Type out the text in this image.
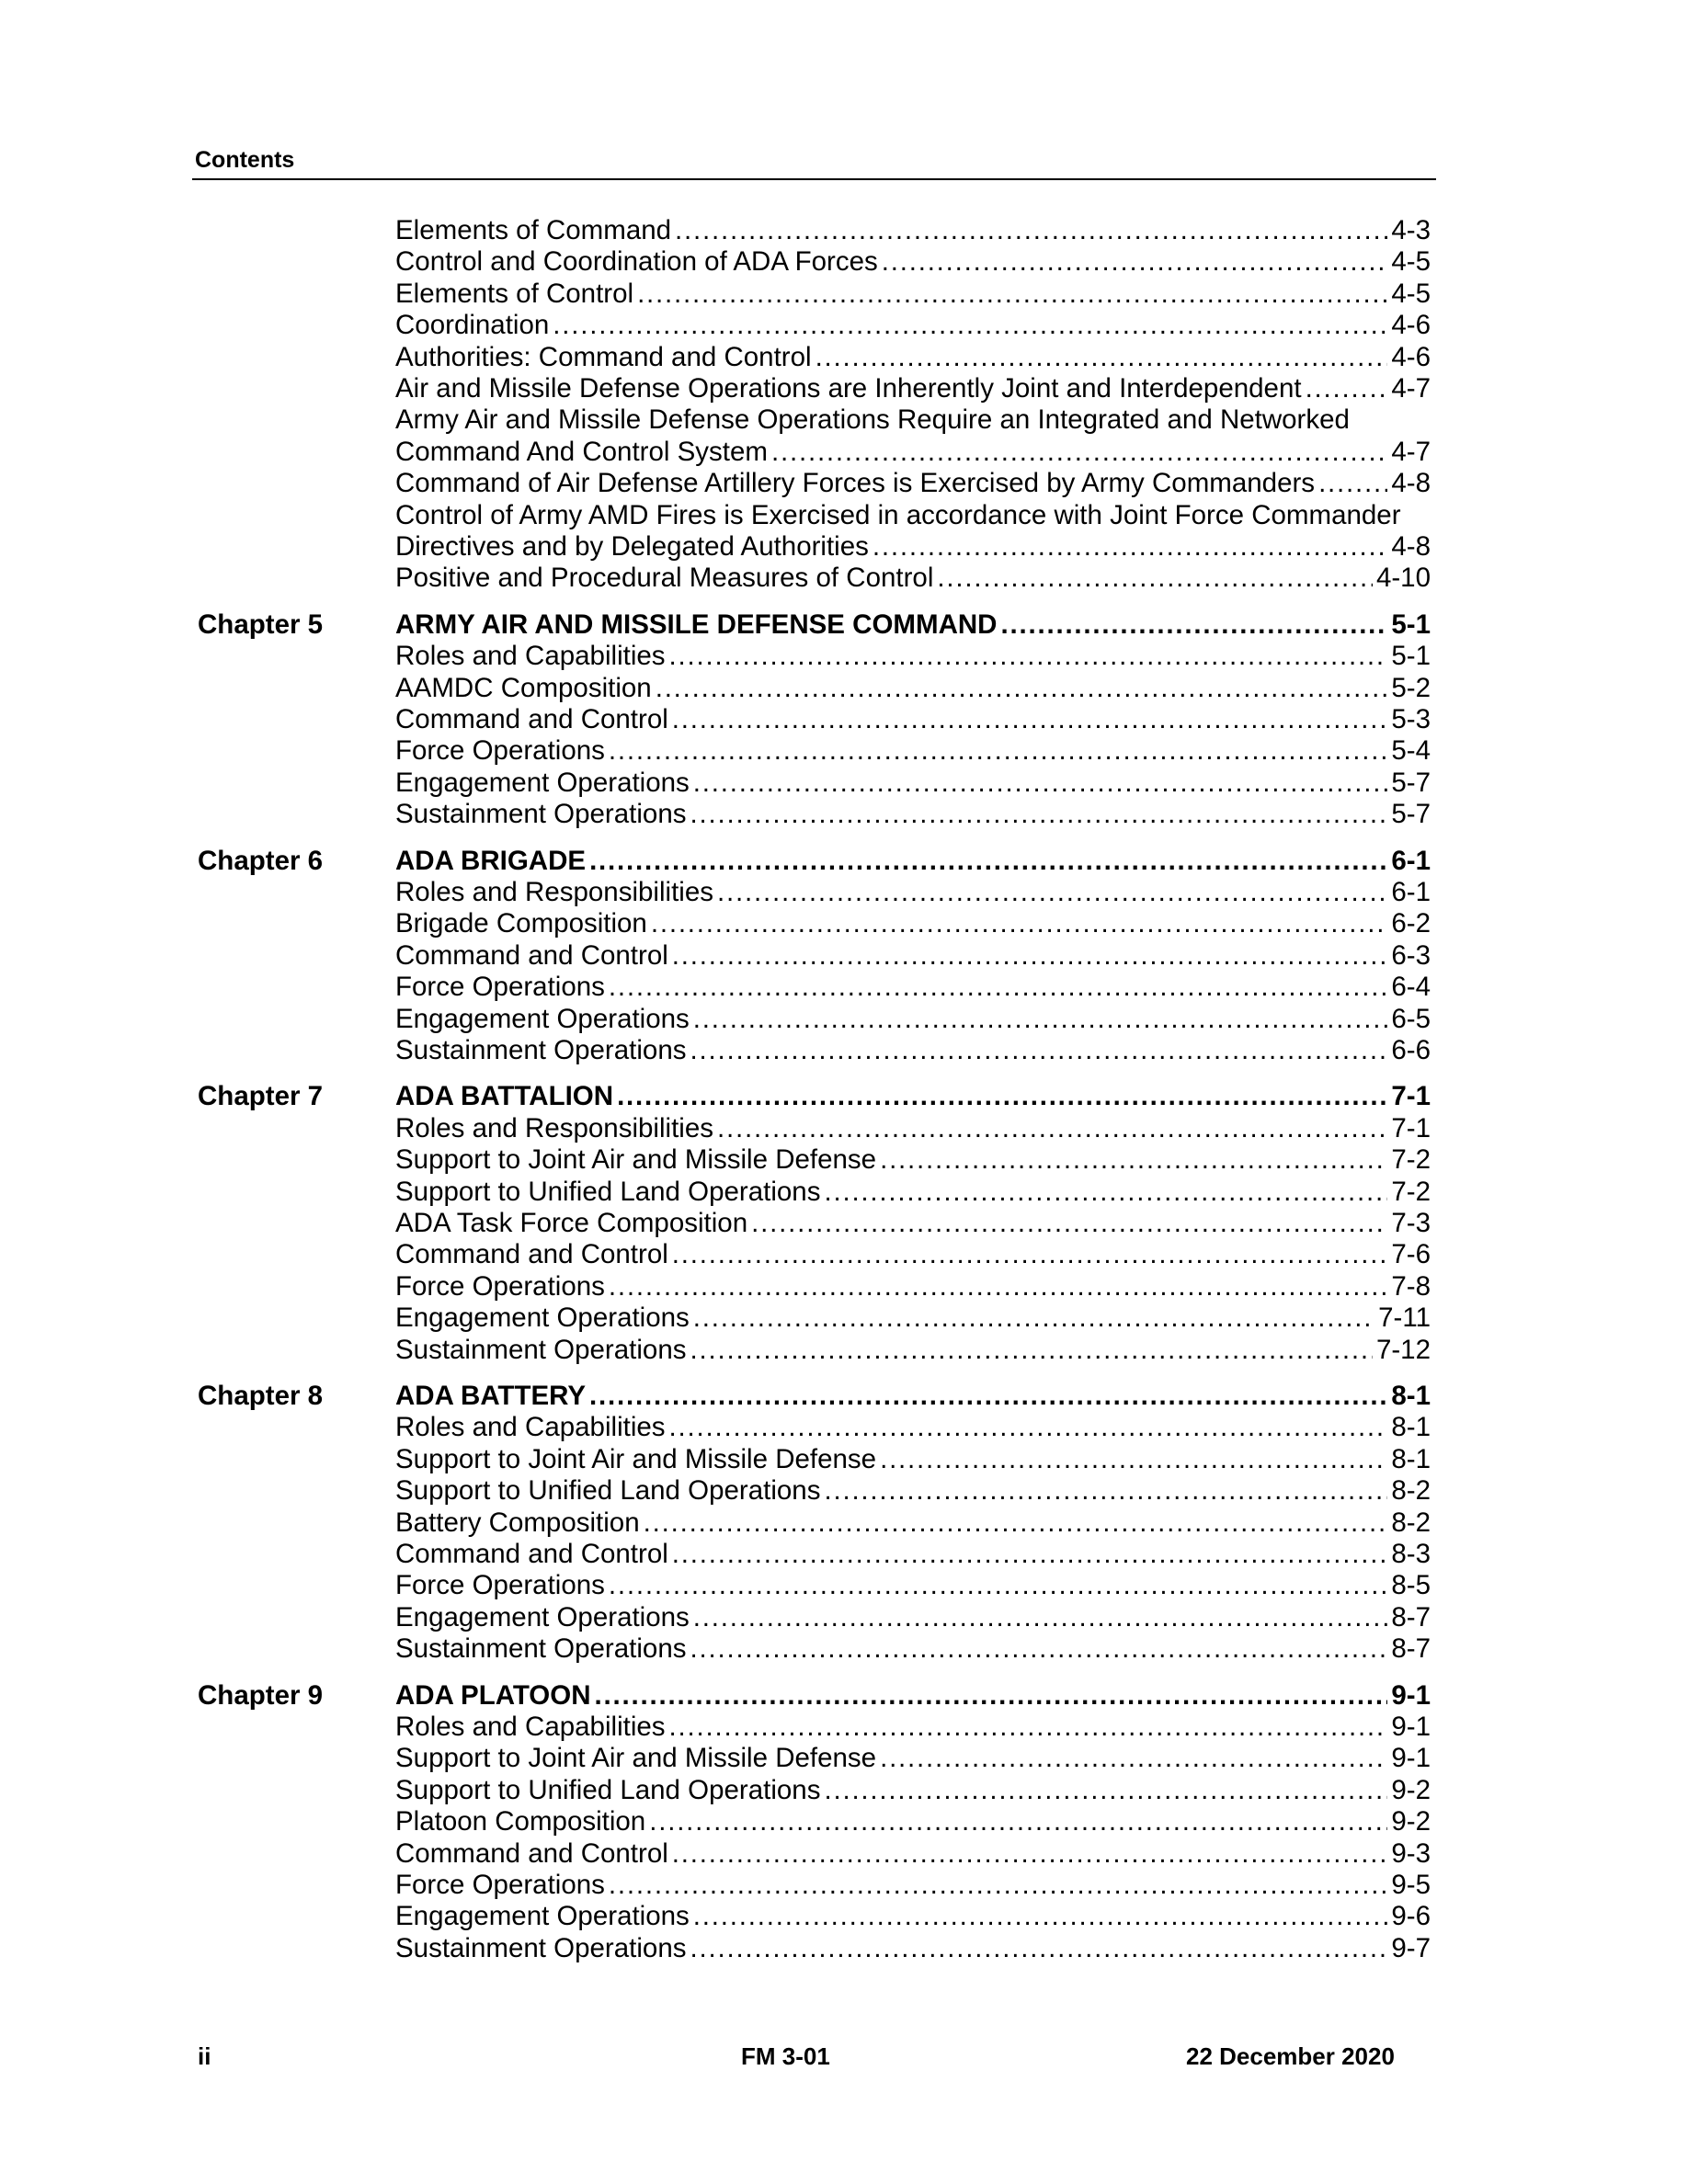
Contents
Elements of Command . . .	4-3
Control and Coordination of ADA Forces . . .	4-5
Elements of Control . . .	4-5
Coordination . . .	4-6
Authorities: Command and Control . . .	4-6
Air and Missile Defense Operations are Inherently Joint and Interdependent . . .	4-7
Army Air and Missile Defense Operations Require an Integrated and Networked
Command And Control System . . .	4-7
Command of Air Defense Artillery Forces is Exercised by Army Commanders . . .	4-8
Control of Army AMD Fires is Exercised in accordance with Joint Force Commander
Directives and by Delegated Authorities . . .	4-8
Positive and Procedural Measures of Control . . .	4-10
Chapter 5	ARMY AIR AND MISSILE DEFENSE COMMAND . . .	5-1
Roles and Capabilities . . .	5-1
AAMDC Composition . . .	5-2
Command and Control . . .	5-3
Force Operations . . .	5-4
Engagement Operations . . .	5-7
Sustainment Operations . . .	5-7
Chapter 6	ADA BRIGADE . . .	6-1
Roles and Responsibilities . . .	6-1
Brigade Composition . . .	6-2
Command and Control . . .	6-3
Force Operations . . .	6-4
Engagement Operations . . .	6-5
Sustainment Operations . . .	6-6
Chapter 7	ADA BATTALION . . .	7-1
Roles and Responsibilities . . .	7-1
Support to Joint Air and Missile Defense . . .	7-2
Support to Unified Land Operations . . .	7-2
ADA Task Force Composition . . .	7-3
Command and Control . . .	7-6
Force Operations . . .	7-8
Engagement Operations . . .	7-11
Sustainment Operations . . .	7-12
Chapter 8	ADA BATTERY . . .	8-1
Roles and Capabilities . . .	8-1
Support to Joint Air and Missile Defense . . .	8-1
Support to Unified Land Operations . . .	8-2
Battery Composition . . .	8-2
Command and Control . . .	8-3
Force Operations . . .	8-5
Engagement Operations . . .	8-7
Sustainment Operations . . .	8-7
Chapter 9	ADA PLATOON . . .	9-1
Roles and Capabilities . . .	9-1
Support to Joint Air and Missile Defense . . .	9-1
Support to Unified Land Operations . . .	9-2
Platoon Composition . . .	9-2
Command and Control . . .	9-3
Force Operations . . .	9-5
Engagement Operations . . .	9-6
Sustainment Operations . . .	9-7
ii	FM 3-01	22 December 2020
